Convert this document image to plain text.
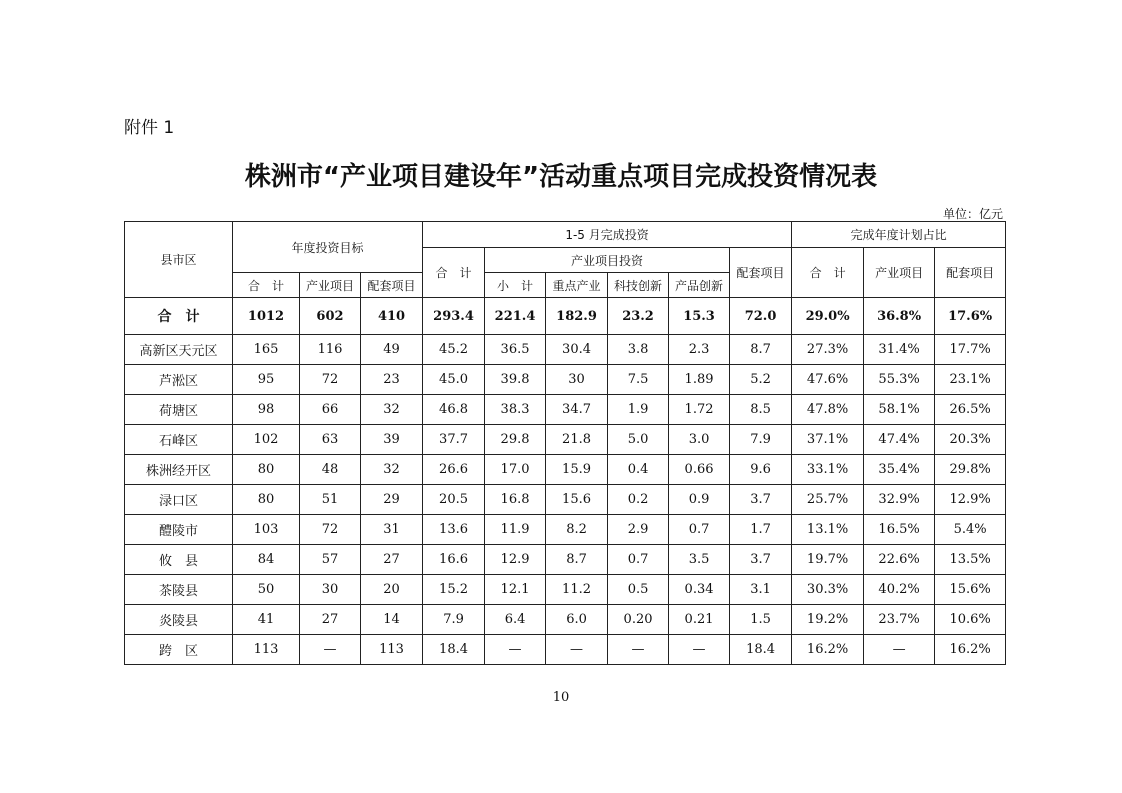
附件 1
株洲市“产业项目建设年”活动重点项目完成投资情况表
单位：亿元
县市区	年度投资目标			1-5 月完成投资						完成年度计划占比		
				合　计	产业项目投资				配套项目	合　计	产业项目	配套项目
	合　计	产业项目	配套项目		小　计	重点产业	科技创新	产品创新				
合　计	1012	602	410	293.4	221.4	182.9	23.2	15.3	72.0	29.0%	36.8%	17.6%
高新区天元区	165	116	49	45.2	36.5	30.4	3.8	2.3	8.7	27.3%	31.4%	17.7%
芦淞区	95	72	23	45.0	39.8	30	7.5	1.89	5.2	47.6%	55.3%	23.1%
荷塘区	98	66	32	46.8	38.3	34.7	1.9	1.72	8.5	47.8%	58.1%	26.5%
石峰区	102	63	39	37.7	29.8	21.8	5.0	3.0	7.9	37.1%	47.4%	20.3%
株洲经开区	80	48	32	26.6	17.0	15.9	0.4	0.66	9.6	33.1%	35.4%	29.8%
渌口区	80	51	29	20.5	16.8	15.6	0.2	0.9	3.7	25.7%	32.9%	12.9%
醴陵市	103	72	31	13.6	11.9	8.2	2.9	0.7	1.7	13.1%	16.5%	5.4%
攸　县	84	57	27	16.6	12.9	8.7	0.7	3.5	3.7	19.7%	22.6%	13.5%
茶陵县	50	30	20	15.2	12.1	11.2	0.5	0.34	3.1	30.3%	40.2%	15.6%
炎陵县	41	27	14	7.9	6.4	6.0	0.20	0.21	1.5	19.2%	23.7%	10.6%
跨　区	113	—	113	18.4	—	—	—	—	18.4	16.2%	—	16.2%
10
